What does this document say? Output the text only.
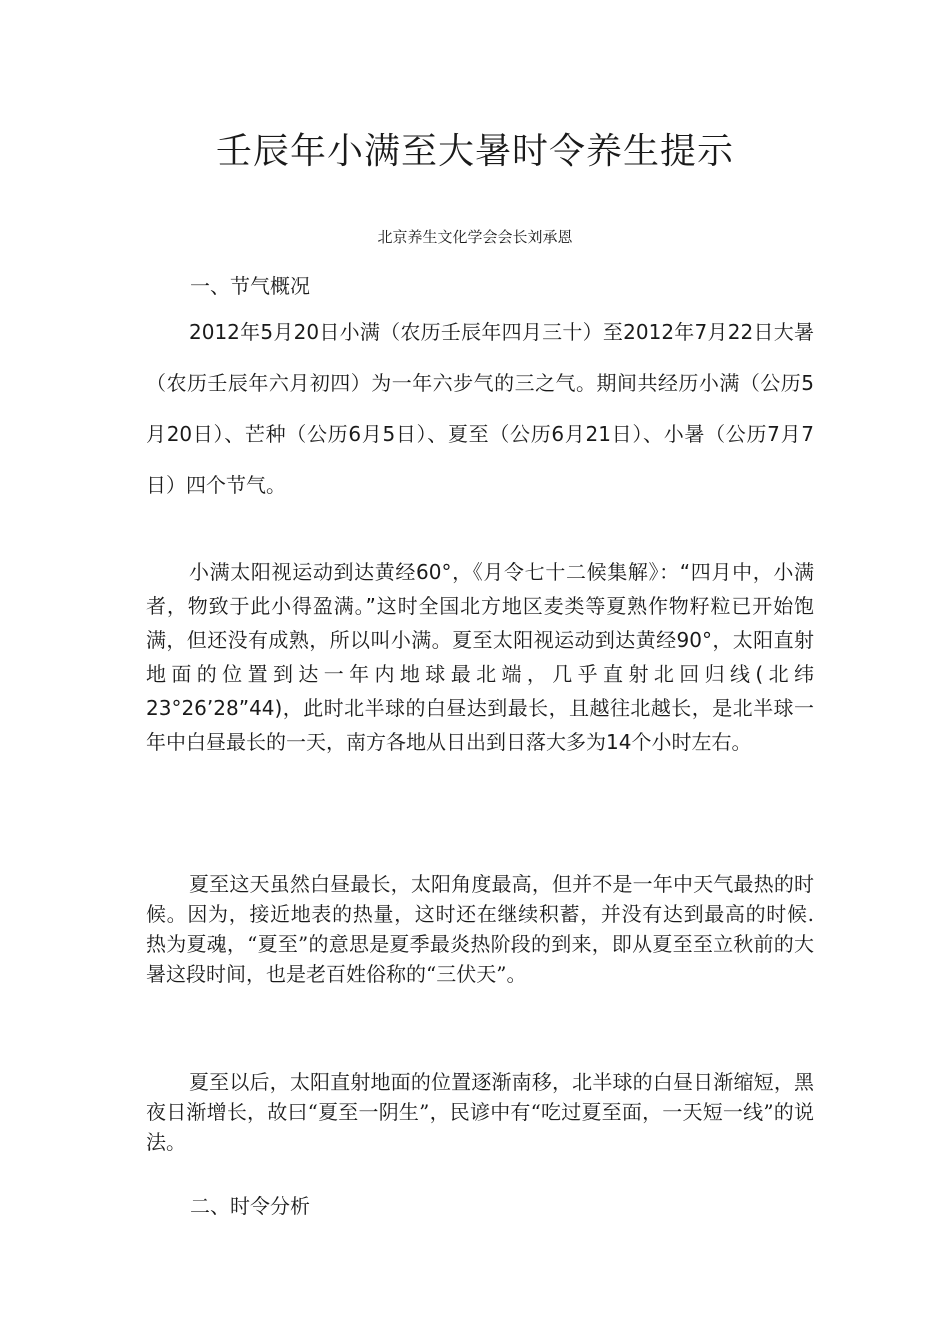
壬辰年小满至大暑时令养生提示
北京养生文化学会会长刘承恩
一、节气概况

2012年5月20日小满（农历壬辰年四月三十）至2012年7月22日大暑（农历壬辰年六月初四）为一年六步气的三之气。期间共经历小满（公历5月20日）、芒种（公历6月5日）、夏至（公历6月21日）、小暑（公历7月7日）四个节气。

小满太阳视运动到达黄经60°，《月令七十二候集解》：“四月中，小满者，物致于此小得盈满。”这时全国北方地区麦类等夏熟作物籽粒已开始饱满，但还没有成熟，所以叫小满。夏至太阳视运动到达黄经90°，太阳直射地面的位置到达一年内地球最北端，几乎直射北回归线(北纬23°26’28”44)，此时北半球的白昼达到最长，且越往北越长，是北半球一年中白昼最长的一天，南方各地从日出到日落大多为14个小时左右。

夏至这天虽然白昼最长，太阳角度最高，但并不是一年中天气最热的时候。因为，接近地表的热量，这时还在继续积蓄，并没有达到最高的时候. 热为夏魂，“夏至”的意思是夏季最炎热阶段的到来，即从夏至至立秋前的大暑这段时间，也是老百姓俗称的“三伏天”。

夏至以后，太阳直射地面的位置逐渐南移，北半球的白昼日渐缩短，黑夜日渐增长，故曰“夏至一阴生”，民谚中有“吃过夏至面，一天短一线”的说法。

二、时令分析
